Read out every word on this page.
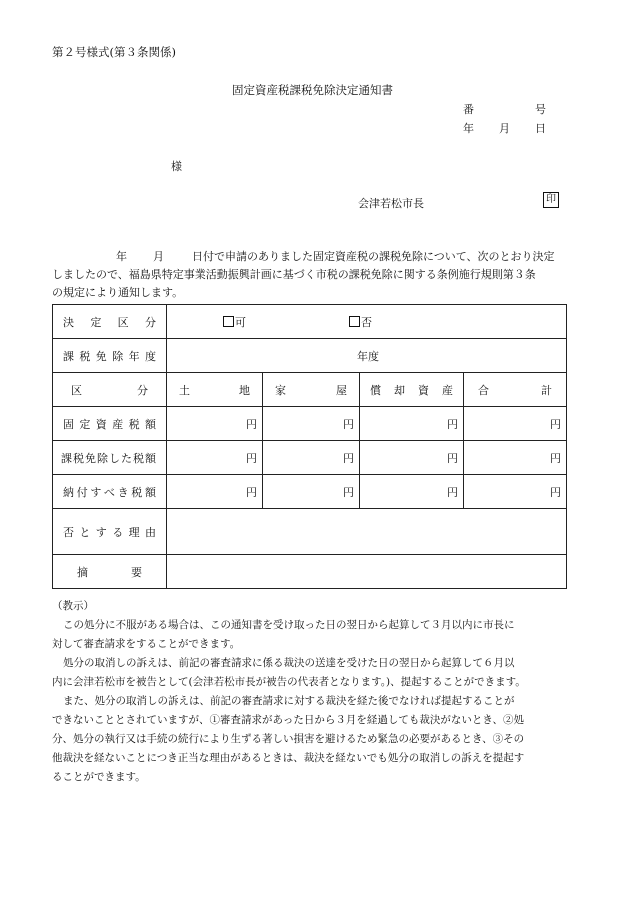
第２号様式(第３条関係)
固定資産税課税免除決定通知書
番	号
年 月 日
様
会津若松市長	印
年 月	日付で申請のありました固定資産税の課税免除について、次のとおり決定
しましたので、福島県特定事業活動振興計画に基づく市税の課税免除に関する条例施行規則第３条
の規定により通知します。
決 定 区 分	可 否			

課税免除年度	年度			
区 分	土 地	家 屋	償却資産	合 計
固定資産税額	円	円	円	円
課税免除した税額	円	円	円	円
納付すべき税額	円	円	円	円
否とする理由				
摘 要				

（教示）

この処分に不服がある場合は、この通知書を受け取った日の翌日から起算して３月以内に市長に

対して審査請求をすることができます。

処分の取消しの訴えは、前記の審査請求に係る裁決の送達を受けた日の翌日から起算して６月以

内に会津若松市を被告として(会津若松市長が被告の代表者となります。)、提起することができます。

また、処分の取消しの訴えは、前記の審査請求に対する裁決を経た後でなければ提起することが

できないこととされていますが、①審査請求があった日から３月を経過しても裁決がないとき、②処

分、処分の執行又は手続の続行により生ずる著しい損害を避けるため緊急の必要があるとき、③その

他裁決を経ないことにつき正当な理由があるときは、裁決を経ないでも処分の取消しの訴えを提起す

ることができます。
